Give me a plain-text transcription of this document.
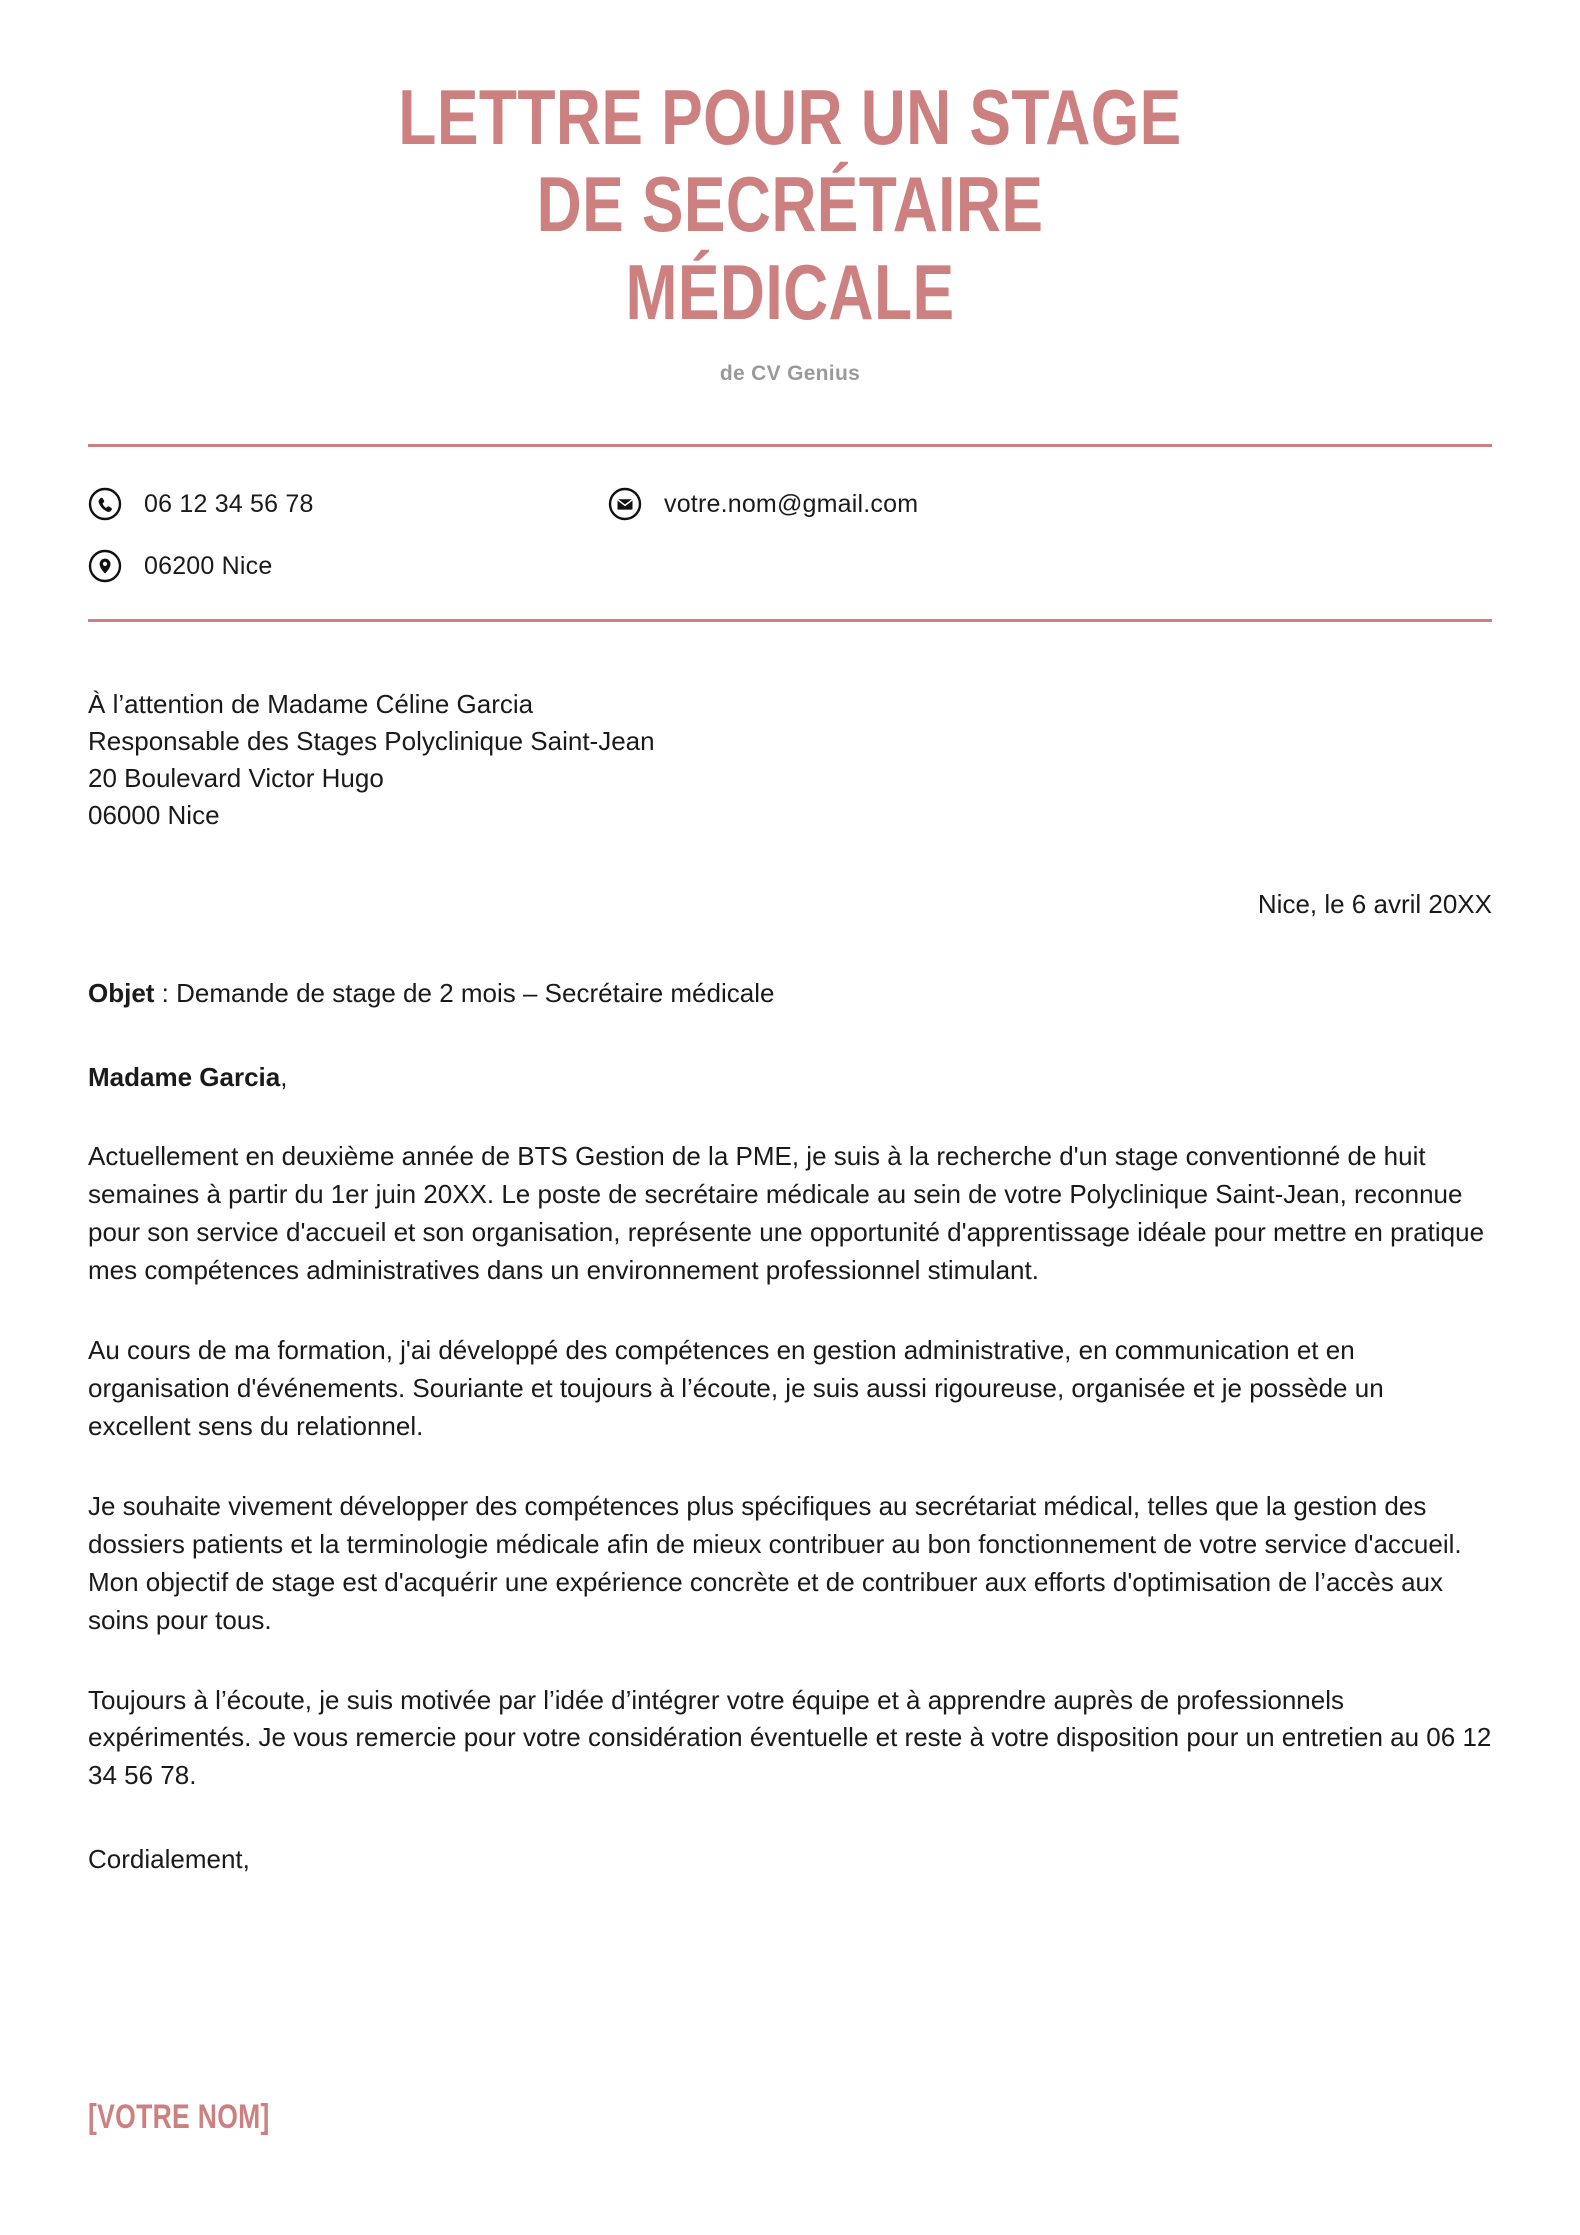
LETTRE POUR UN STAGE DE SECRÉTAIRE MÉDICALE
de CV Genius
06 12 34 56 78	votre.nom@gmail.com
06200 Nice
À l’attention de Madame Céline Garcia
Responsable des Stages Polyclinique Saint-Jean
20 Boulevard Victor Hugo
06000 Nice
Nice, le 6 avril 20XX
Objet : Demande de stage de 2 mois – Secrétaire médicale
Madame Garcia,

Actuellement en deuxième année de BTS Gestion de la PME, je suis à la recherche d'un stage conventionné de huit semaines à partir du 1er juin 20XX. Le poste de secrétaire médicale au sein de votre Polyclinique Saint-Jean, reconnue pour son service d'accueil et son organisation, représente une opportunité d'apprentissage idéale pour mettre en pratique mes compétences administratives dans un environnement professionnel stimulant.

Au cours de ma formation, j'ai développé des compétences en gestion administrative, en communication et en organisation d'événements. Souriante et toujours à l’écoute, je suis aussi rigoureuse, organisée et je possède un excellent sens du relationnel.

Je souhaite vivement développer des compétences plus spécifiques au secrétariat médical, telles que la gestion des dossiers patients et la terminologie médicale afin de mieux contribuer au bon fonctionnement de votre service d'accueil. Mon objectif de stage est d'acquérir une expérience concrète et de contribuer aux efforts d'optimisation de l’accès aux soins pour tous.

Toujours à l’écoute, je suis motivée par l’idée d’intégrer votre équipe et à apprendre auprès de professionnels expérimentés. Je vous remercie pour votre considération éventuelle et reste à votre disposition pour un entretien au 06 12 34 56 78.

Cordialement,
[VOTRE NOM]
